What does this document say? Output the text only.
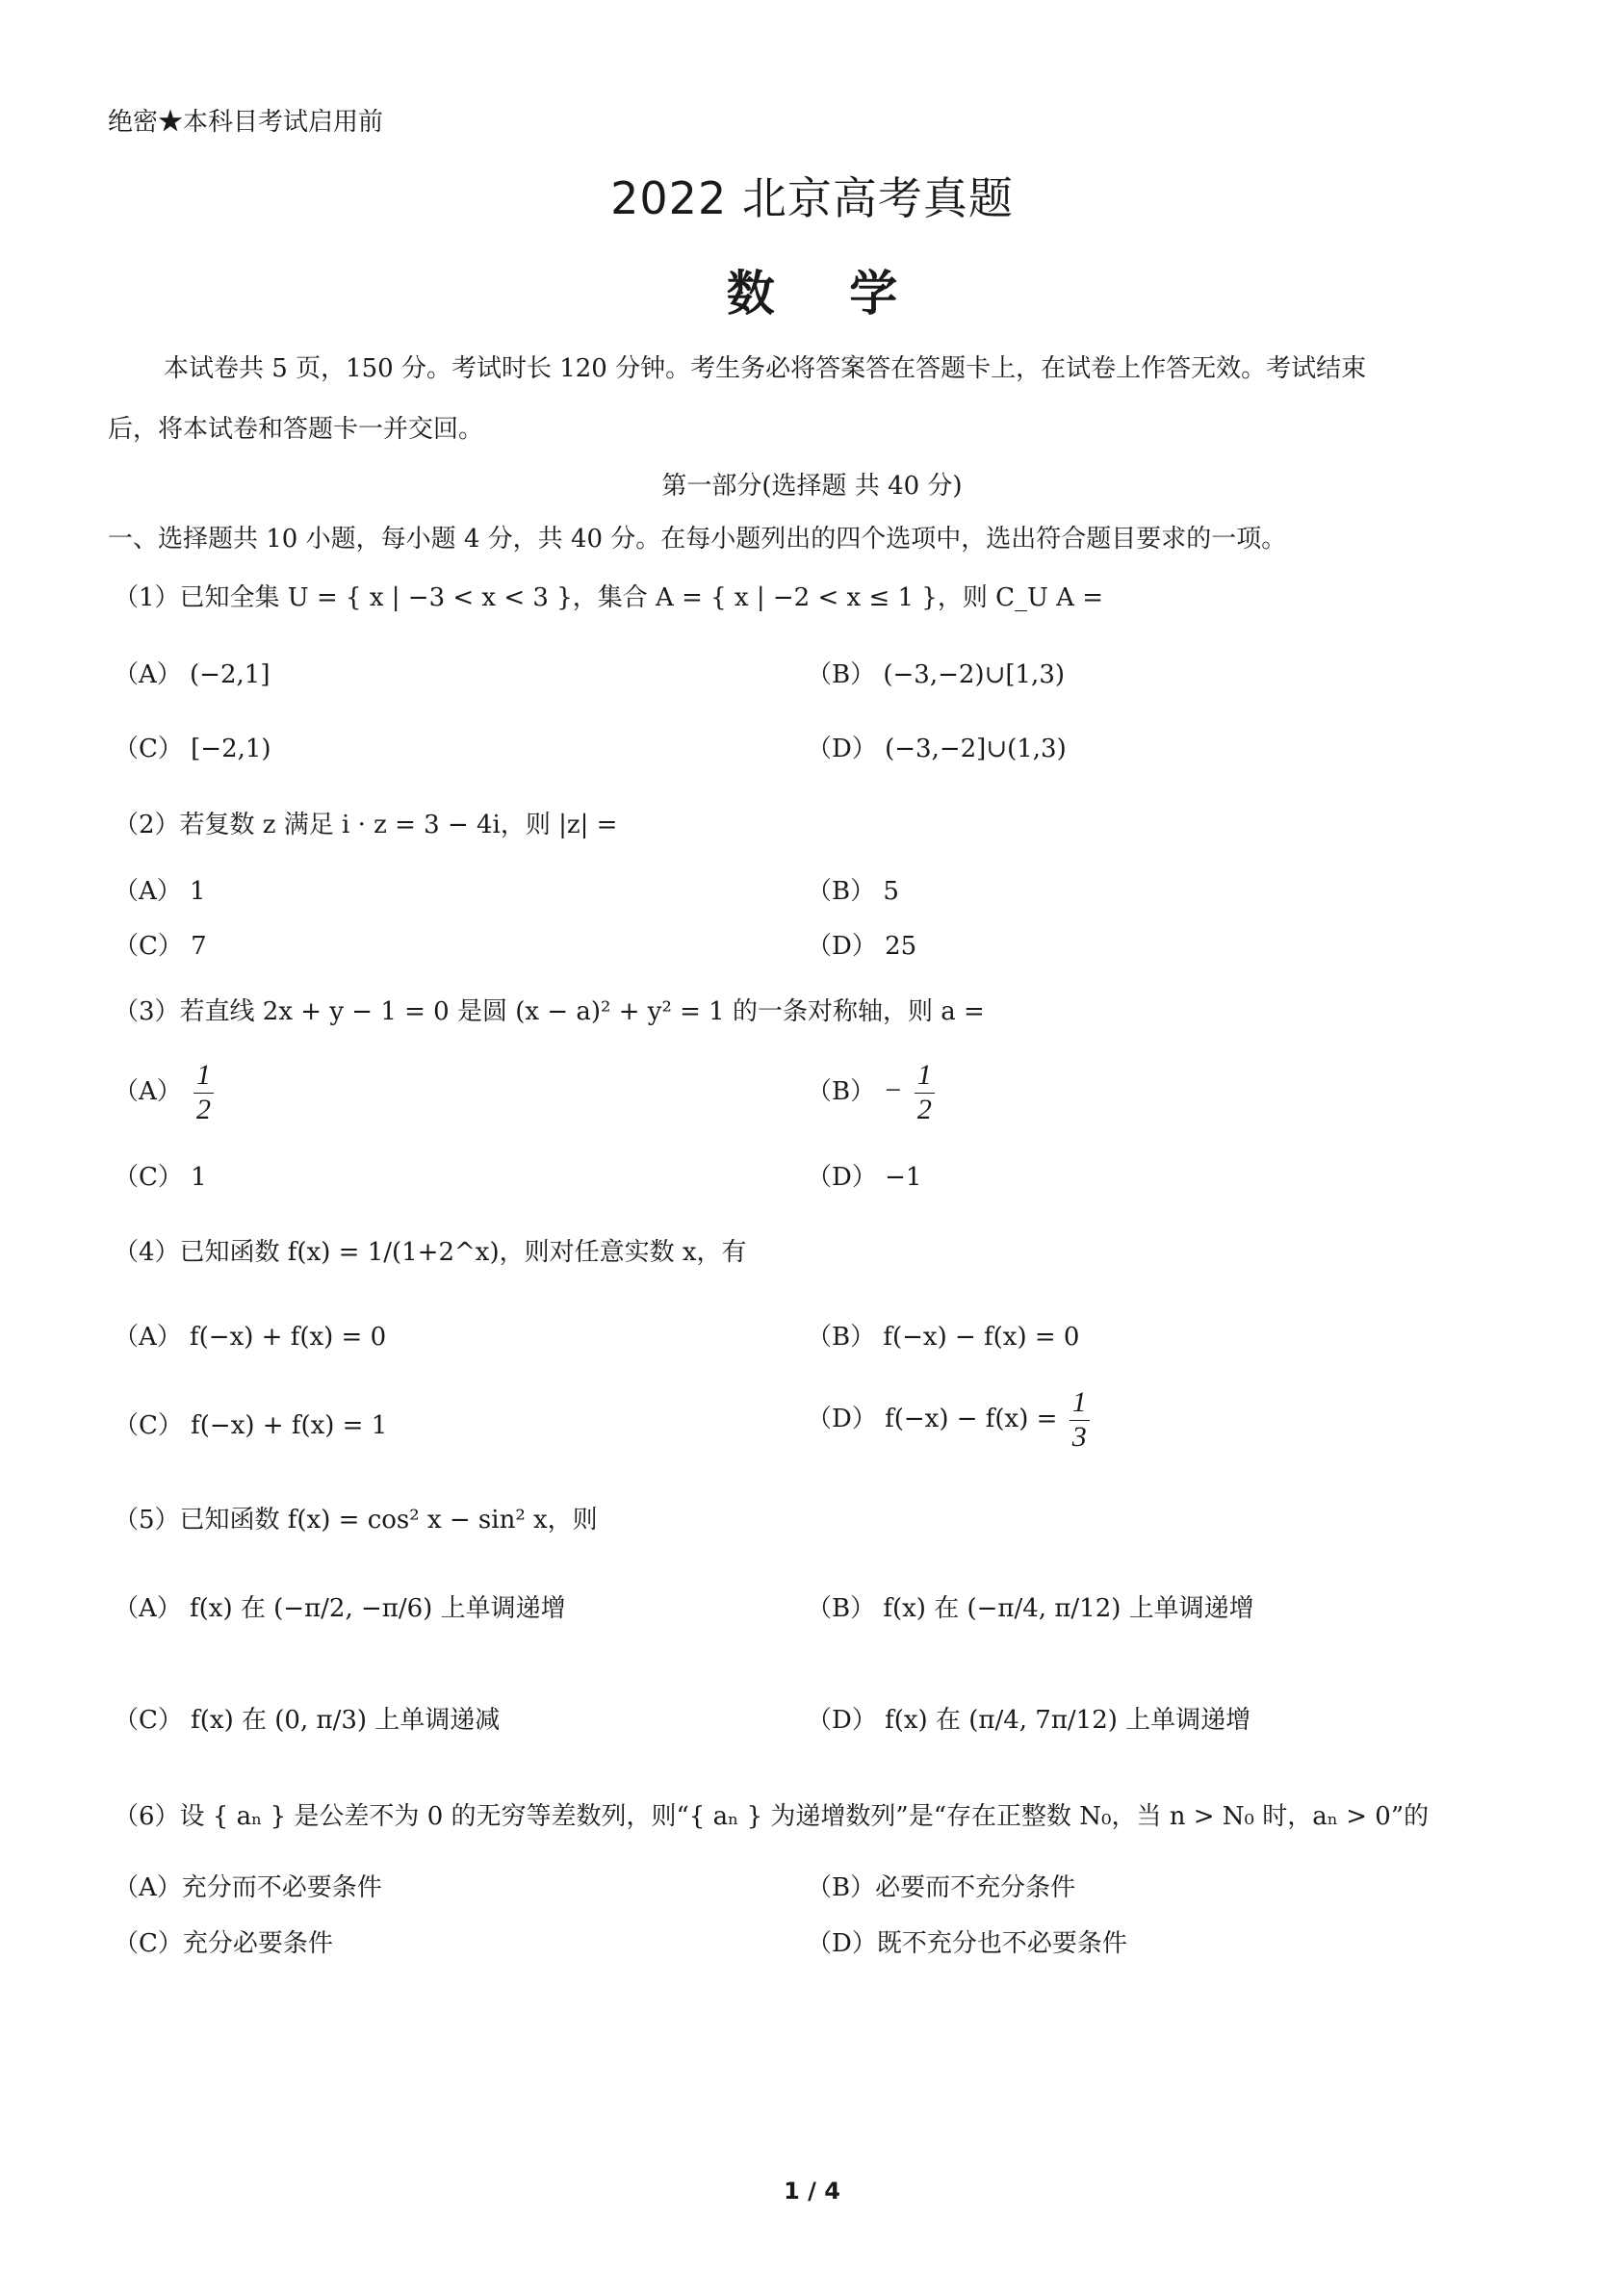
绝密★本科目考试启用前
2022 北京高考真题
数 学
本试卷共 5 页，150 分。考试时长 120 分钟。考生务必将答案答在答题卡上，在试卷上作答无效。考试结束
后，将本试卷和答题卡一并交回。
第一部分(选择题 共 40 分)
一、选择题共 10 小题，每小题 4 分，共 40 分。在每小题列出的四个选项中，选出符合题目要求的一项。
（1）已知全集 U = { x | −3 < x < 3 }，集合 A = { x | −2 < x ≤ 1 }，则 C_U A =
（A） (−2,1]	（B） (−3,−2)∪[1,3)
（C） [−2,1)	（D） (−3,−2]∪(1,3)
（2）若复数 z 满足 i · z = 3 − 4i，则 |z| =
（A） 1	（B） 5
（C） 7	（D） 25
（3）若直线 2x + y − 1 = 0 是圆 (x − a)² + y² = 1 的一条对称轴，则 a =
$(A) \frac{1}{2}$	$(B) - \frac{1}{2}$
（C） 1	（D） −1
（4）已知函数 f(x) = 1/(1+2^x)，则对任意实数 x，有
（A） f(−x) + f(x) = 0	（B） f(−x) − f(x) = 0
（C） f(−x) + f(x) = 1	（D） $f(-x) - f(x) = \frac{1}{3}$
（5）已知函数 f(x) = cos² x − sin² x，则
（A） f(x) 在 (−π/2, −π/6) 上单调递增	（B） f(x) 在 (−π/4, π/12) 上单调递增
（C） f(x) 在 (0, π/3) 上单调递减	（D） f(x) 在 (π/4, 7π/12) 上单调递增
（6）设 { aₙ } 是公差不为 0 的无穷等差数列，则“{ aₙ } 为递增数列”是“存在正整数 N₀，当 n > N₀ 时，aₙ > 0”的
（A）充分而不必要条件	（B）必要而不充分条件
（C）充分必要条件	（D）既不充分也不必要条件
1 / 4
